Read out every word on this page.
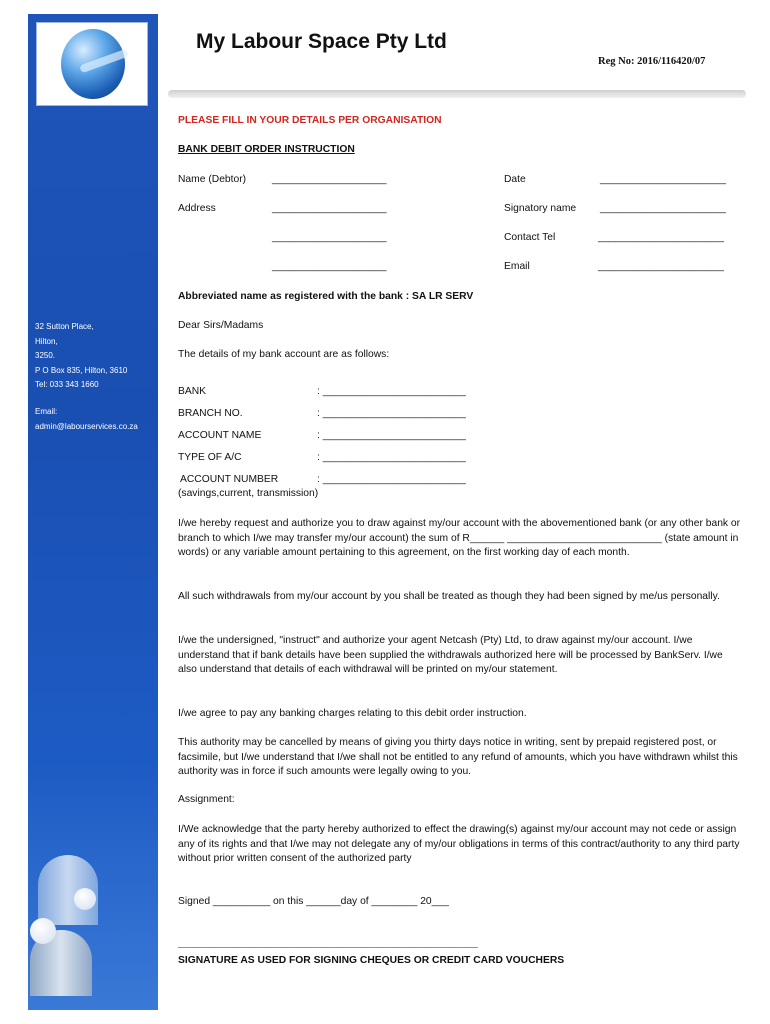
32 Sutton Place,
Hilton,
3250.
P O Box 835, Hilton, 3610
Tel: 033 343 1660
Email:
admin@labourservices.co.za
My Labour Space Pty Ltd
Reg No: 2016/116420/07
PLEASE FILL IN YOUR DETAILS PER ORGANISATION
BANK DEBIT ORDER INSTRUCTION
Name (Debtor)	____________________	Date	______________________
Address	____________________	Signatory name ______________________
____________________	Contact Tel	______________________
____________________	Email	______________________
Abbreviated name as registered with the bank : SA LR SERV
Dear Sirs/Madams
The details of my bank account are as follows:
BANK	: _________________________
BRANCH NO.	: _________________________
ACCOUNT NAME	: _________________________
TYPE OF A/C	: _________________________
ACCOUNT NUMBER	: _________________________
(savings,current, transmission)
I/we hereby request and authorize you to draw against my/our account with the abovementioned bank (or any other bank or branch to which I/we may transfer my/our account) the sum of R______ ___________________________ (state amount in words) or any variable amount pertaining to this agreement, on the first working day of each month.
All such withdrawals from my/our account by you shall be treated as though they had been signed by me/us personally.
I/we the undersigned, "instruct" and authorize your agent Netcash (Pty) Ltd, to draw against my/our account. I/we understand that if bank details have been supplied the withdrawals authorized here will be processed by BankServ. I/we also understand that details of each withdrawal will be printed on my/our statement.
I/we agree to pay any banking charges relating to this debit order instruction.
This authority may be cancelled by means of giving you thirty days notice in writing, sent by prepaid registered post, or facsimile, but I/we understand that I/we shall not be entitled to any refund of amounts, which you have withdrawn whilst this authority was in force if such amounts were legally owing to you.
Assignment:
I/We acknowledge that the party hereby authorized to effect the drawing(s) against my/our account may not cede or assign any of its rights and that I/we may not delegate any of my/our obligations in terms of this contract/authority to any third party without prior written consent of the authorized party
Signed __________ on this ______day of ________ 20___
_____________________________________________________________________________
SIGNATURE AS USED FOR SIGNING CHEQUES OR CREDIT CARD VOUCHERS
